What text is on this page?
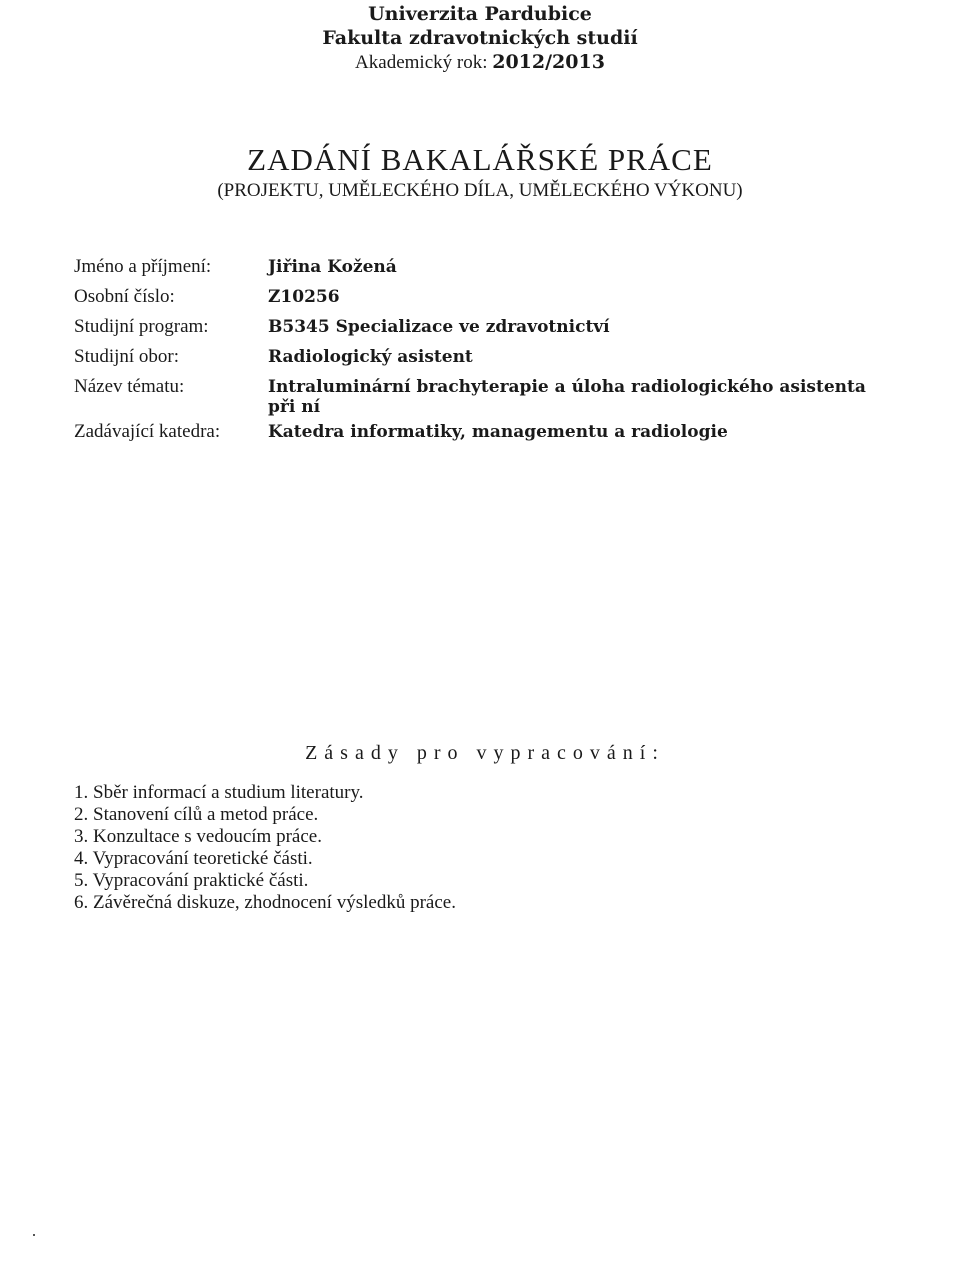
Univerzita Pardubice
Fakulta zdravotnických studií
Akademický rok: 2012/2013
ZADÁNÍ BAKALÁŘSKÉ PRÁCE
(PROJEKTU, UMĚLECKÉHO DÍLA, UMĚLECKÉHO VÝKONU)
Jméno a příjmení:	Jiřina Kožená
Osobní číslo:	Z10256
Studijní program:	B5345 Specializace ve zdravotnictví
Studijní obor:	Radiologický asistent
Název tématu:	Intraluminární brachyterapie a úloha radiologického asistenta
při ní
Zadávající katedra:	Katedra informatiky, managementu a radiologie
Zásady pro vypracování:
1. Sběr informací a studium literatury.
2. Stanovení cílů a metod práce.
3. Konzultace s vedoucím práce.
4. Vypracování teoretické části.
5. Vypracování praktické části.
6. Závěrečná diskuze, zhodnocení výsledků práce.
